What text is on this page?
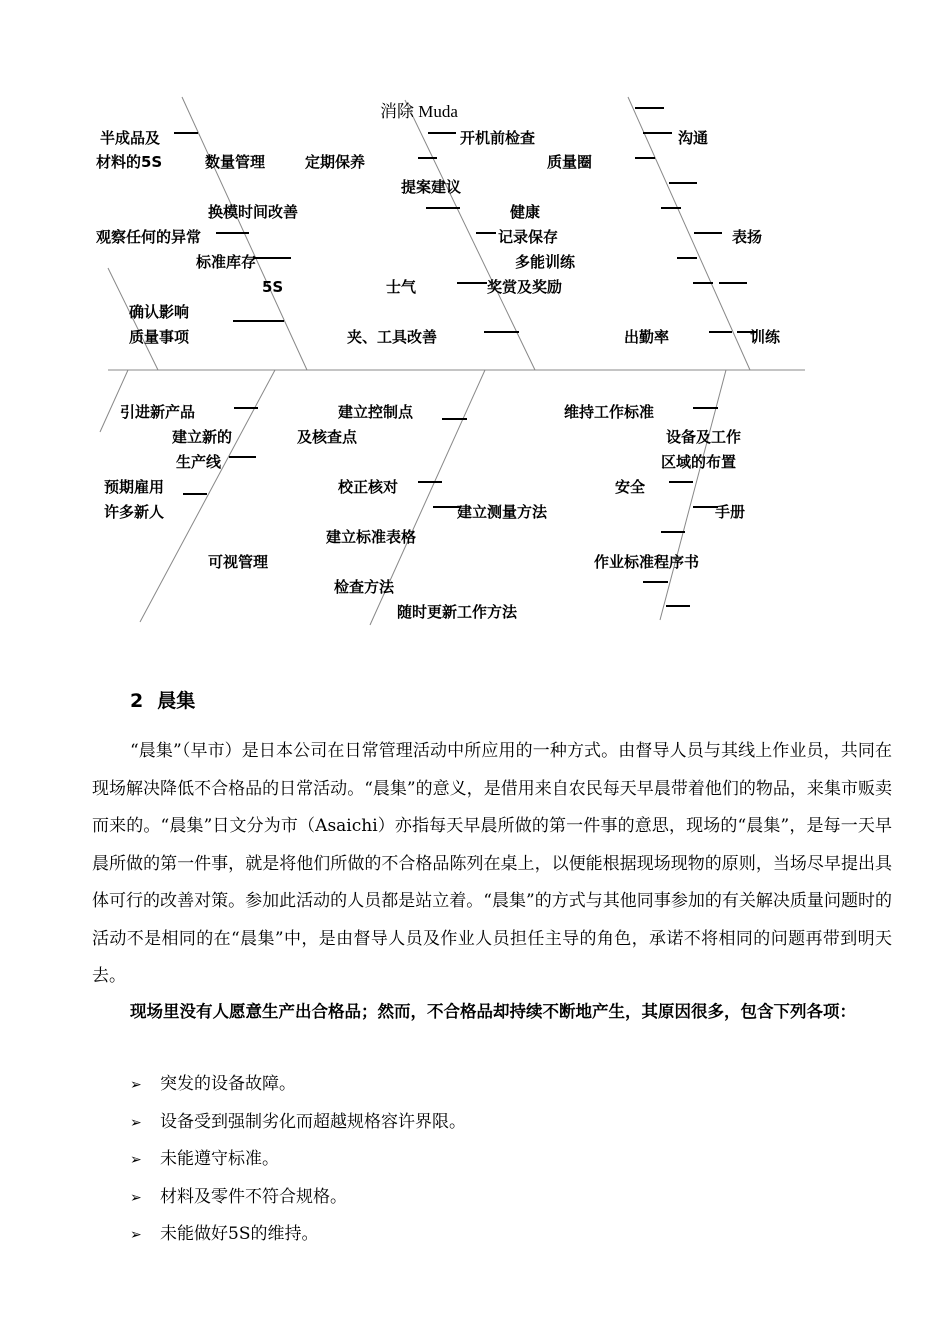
消除 Muda
半成品及
材料的5S	数量管理	定期保养
开机前检查	沟通
质量圈
提案建议
换模时间改善	健康
观察任何的异常	记录保存	表扬
标准库存	多能训练
5S	士气	奖赏及奖励
确认影响
质量事项	夹、工具改善	出勤率	训练
引进新产品	建立控制点	维持工作标准
建立新的	及核查点	设备及工作
生产线	区域的布置
预期雇用	校正核对	安全
许多新人	建立测量方法	手册
建立标准表格
可视管理	作业标准程序书
检查方法
随时更新工作方法
2 晨集

“晨集”（早市）是日本公司在日常管理活动中所应用的一种方式。由督导人员与其线上作业员，共同在现场解决降低不合格品的日常活动。“晨集”的意义，是借用来自农民每天早晨带着他们的物品，来集市贩卖而来的。“晨集”日文分为市（Asaichi）亦指每天早晨所做的第一件事的意思，现场的“晨集”，是每一天早晨所做的第一件事，就是将他们所做的不合格品陈列在桌上，以便能根据现场现物的原则，当场尽早提出具体可行的改善对策。参加此活动的人员都是站立着。“晨集”的方式与其他同事参加的有关解决质量问题时的活动不是相同的在“晨集”中，是由督导人员及作业人员担任主导的角色，承诺不将相同的问题再带到明天去。

现场里没有人愿意生产出合格品；然而，不合格品却持续不断地产生，其原因很多，包含下列各项：

➢ 突发的设备故障。
➢ 设备受到强制劣化而超越规格容许界限。
➢ 未能遵守标准。
➢ 材料及零件不符合规格。
➢ 未能做好5S的维持。
